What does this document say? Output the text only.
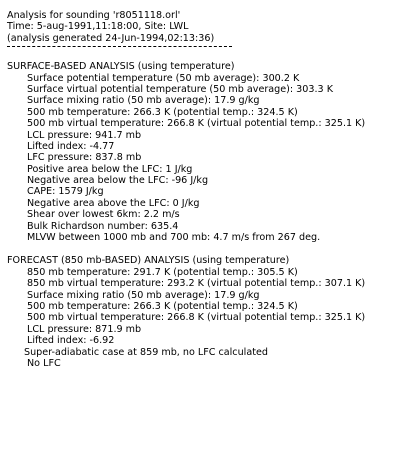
Analysis for sounding 'r8051118.orl'
Time: 5-aug-1991,11:18:00, Site: LWL
(analysis generated 24-Jun-1994,02:13:36)
SURFACE-BASED ANALYSIS (using temperature)
Surface potential temperature (50 mb average): 300.2 K
Surface virtual potential temperature (50 mb average): 303.3 K
Surface mixing ratio (50 mb average): 17.9 g/kg
500 mb temperature: 266.3 K (potential temp.: 324.5 K)
500 mb virtual temperature: 266.8 K (virtual potential temp.: 325.1 K)
LCL pressure: 941.7 mb
Lifted index: -4.77
LFC pressure: 837.8 mb
Positive area below the LFC: 1 J/kg
Negative area below the LFC: -96 J/kg
CAPE: 1579 J/kg
Negative area above the LFC: 0 J/kg
Shear over lowest 6km: 2.2 m/s
Bulk Richardson number: 635.4
MLVW between 1000 mb and 700 mb: 4.7 m/s from 267 deg.
FORECAST (850 mb-BASED) ANALYSIS (using temperature)
850 mb temperature: 291.7 K (potential temp.: 305.5 K)
850 mb virtual temperature: 293.2 K (virtual potential temp.: 307.1 K)
Surface mixing ratio (50 mb average): 17.9 g/kg
500 mb temperature: 266.3 K (potential temp.: 324.5 K)
500 mb virtual temperature: 266.8 K (virtual potential temp.: 325.1 K)
LCL pressure: 871.9 mb
Lifted index: -6.92
Super-adiabatic case at 859 mb, no LFC calculated
No LFC
